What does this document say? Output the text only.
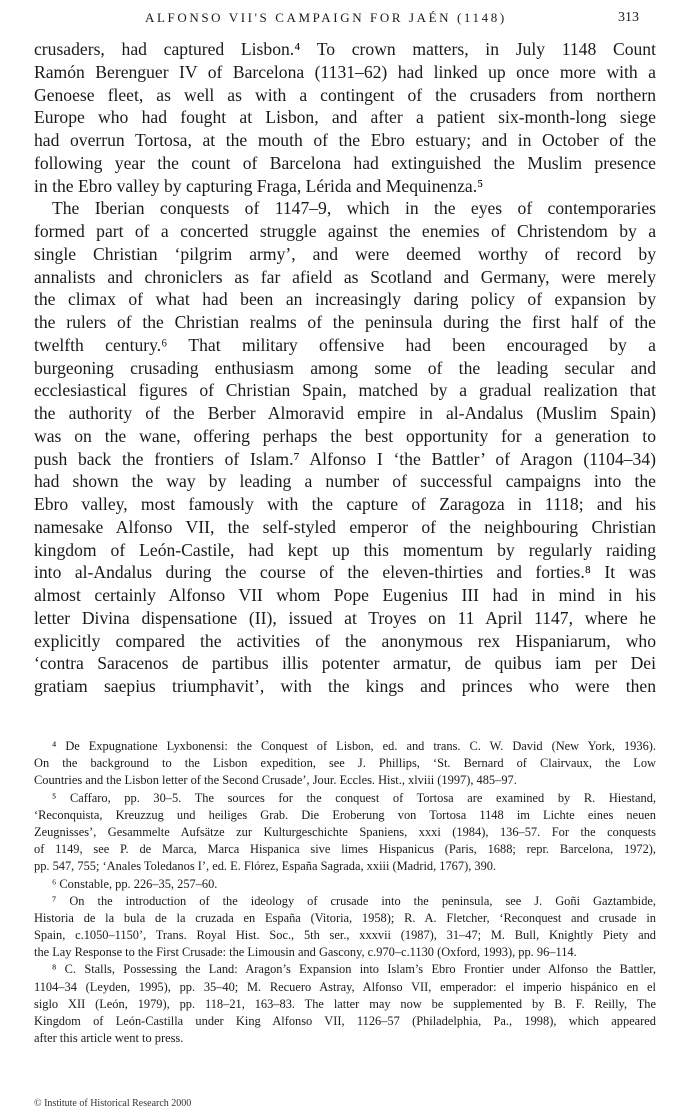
ALFONSO VII'S CAMPAIGN FOR JAÉN (1148)	313
crusaders, had captured Lisbon.⁴ To crown matters, in July 1148 Count
Ramón Berenguer IV of Barcelona (1131–62) had linked up once more with a
Genoese fleet, as well as with a contingent of the crusaders from northern
Europe who had fought at Lisbon, and after a patient six-month-long siege
had overrun Tortosa, at the mouth of the Ebro estuary; and in October of the
following year the count of Barcelona had extinguished the Muslim presence
in the Ebro valley by capturing Fraga, Lérida and Mequinenza.⁵
The Iberian conquests of 1147–9, which in the eyes of contemporaries
formed part of a concerted struggle against the enemies of Christendom by a
single Christian ‘pilgrim army’, and were deemed worthy of record by
annalists and chroniclers as far afield as Scotland and Germany, were merely
the climax of what had been an increasingly daring policy of expansion by
the rulers of the Christian realms of the peninsula during the first half of the
twelfth century.⁶ That military offensive had been encouraged by a
burgeoning crusading enthusiasm among some of the leading secular and
ecclesiastical figures of Christian Spain, matched by a gradual realization that
the authority of the Berber Almoravid empire in al-Andalus (Muslim Spain)
was on the wane, offering perhaps the best opportunity for a generation to
push back the frontiers of Islam.⁷ Alfonso I ‘the Battler’ of Aragon (1104–34)
had shown the way by leading a number of successful campaigns into the
Ebro valley, most famously with the capture of Zaragoza in 1118; and his
namesake Alfonso VII, the self-styled emperor of the neighbouring Christian
kingdom of León-Castile, had kept up this momentum by regularly raiding
into al-Andalus during the course of the eleven-thirties and forties.⁸ It was
almost certainly Alfonso VII whom Pope Eugenius III had in mind in his
letter Divina dispensatione (II), issued at Troyes on 11 April 1147, where he
explicitly compared the activities of the anonymous rex Hispaniarum, who
‘contra Saracenos de partibus illis potenter armatur, de quibus iam per Dei
gratiam saepius triumphavit’, with the kings and princes who were then
⁴ De Expugnatione Lyxbonensi: the Conquest of Lisbon, ed. and trans. C. W. David (New York, 1936).
On the background to the Lisbon expedition, see J. Phillips, ‘St. Bernard of Clairvaux, the Low
Countries and the Lisbon letter of the Second Crusade’, Jour. Eccles. Hist., xlviii (1997), 485–97.
⁵ Caffaro, pp. 30–5. The sources for the conquest of Tortosa are examined by R. Hiestand,
‘Reconquista, Kreuzzug und heiliges Grab. Die Eroberung von Tortosa 1148 im Lichte eines neuen
Zeugnisses’, Gesammelte Aufsätze zur Kulturgeschichte Spaniens, xxxi (1984), 136–57. For the conquests
of 1149, see P. de Marca, Marca Hispanica sive limes Hispanicus (Paris, 1688; repr. Barcelona, 1972),
pp. 547, 755; ‘Anales Toledanos I’, ed. E. Flórez, España Sagrada, xxiii (Madrid, 1767), 390.
⁶ Constable, pp. 226–35, 257–60.
⁷ On the introduction of the ideology of crusade into the peninsula, see J. Goñi Gaztambide,
Historia de la bula de la cruzada en España (Vitoria, 1958); R. A. Fletcher, ‘Reconquest and crusade in
Spain, c.1050–1150’, Trans. Royal Hist. Soc., 5th ser., xxxvii (1987), 31–47; M. Bull, Knightly Piety and
the Lay Response to the First Crusade: the Limousin and Gascony, c.970–c.1130 (Oxford, 1993), pp. 96–114.
⁸ C. Stalls, Possessing the Land: Aragon’s Expansion into Islam’s Ebro Frontier under Alfonso the Battler,
1104–34 (Leyden, 1995), pp. 35–40; M. Recuero Astray, Alfonso VII, emperador: el imperio hispánico en el
siglo XII (León, 1979), pp. 118–21, 163–83. The latter may now be supplemented by B. F. Reilly, The
Kingdom of León-Castilla under King Alfonso VII, 1126–57 (Philadelphia, Pa., 1998), which appeared
after this article went to press.
© Institute of Historical Research 2000
